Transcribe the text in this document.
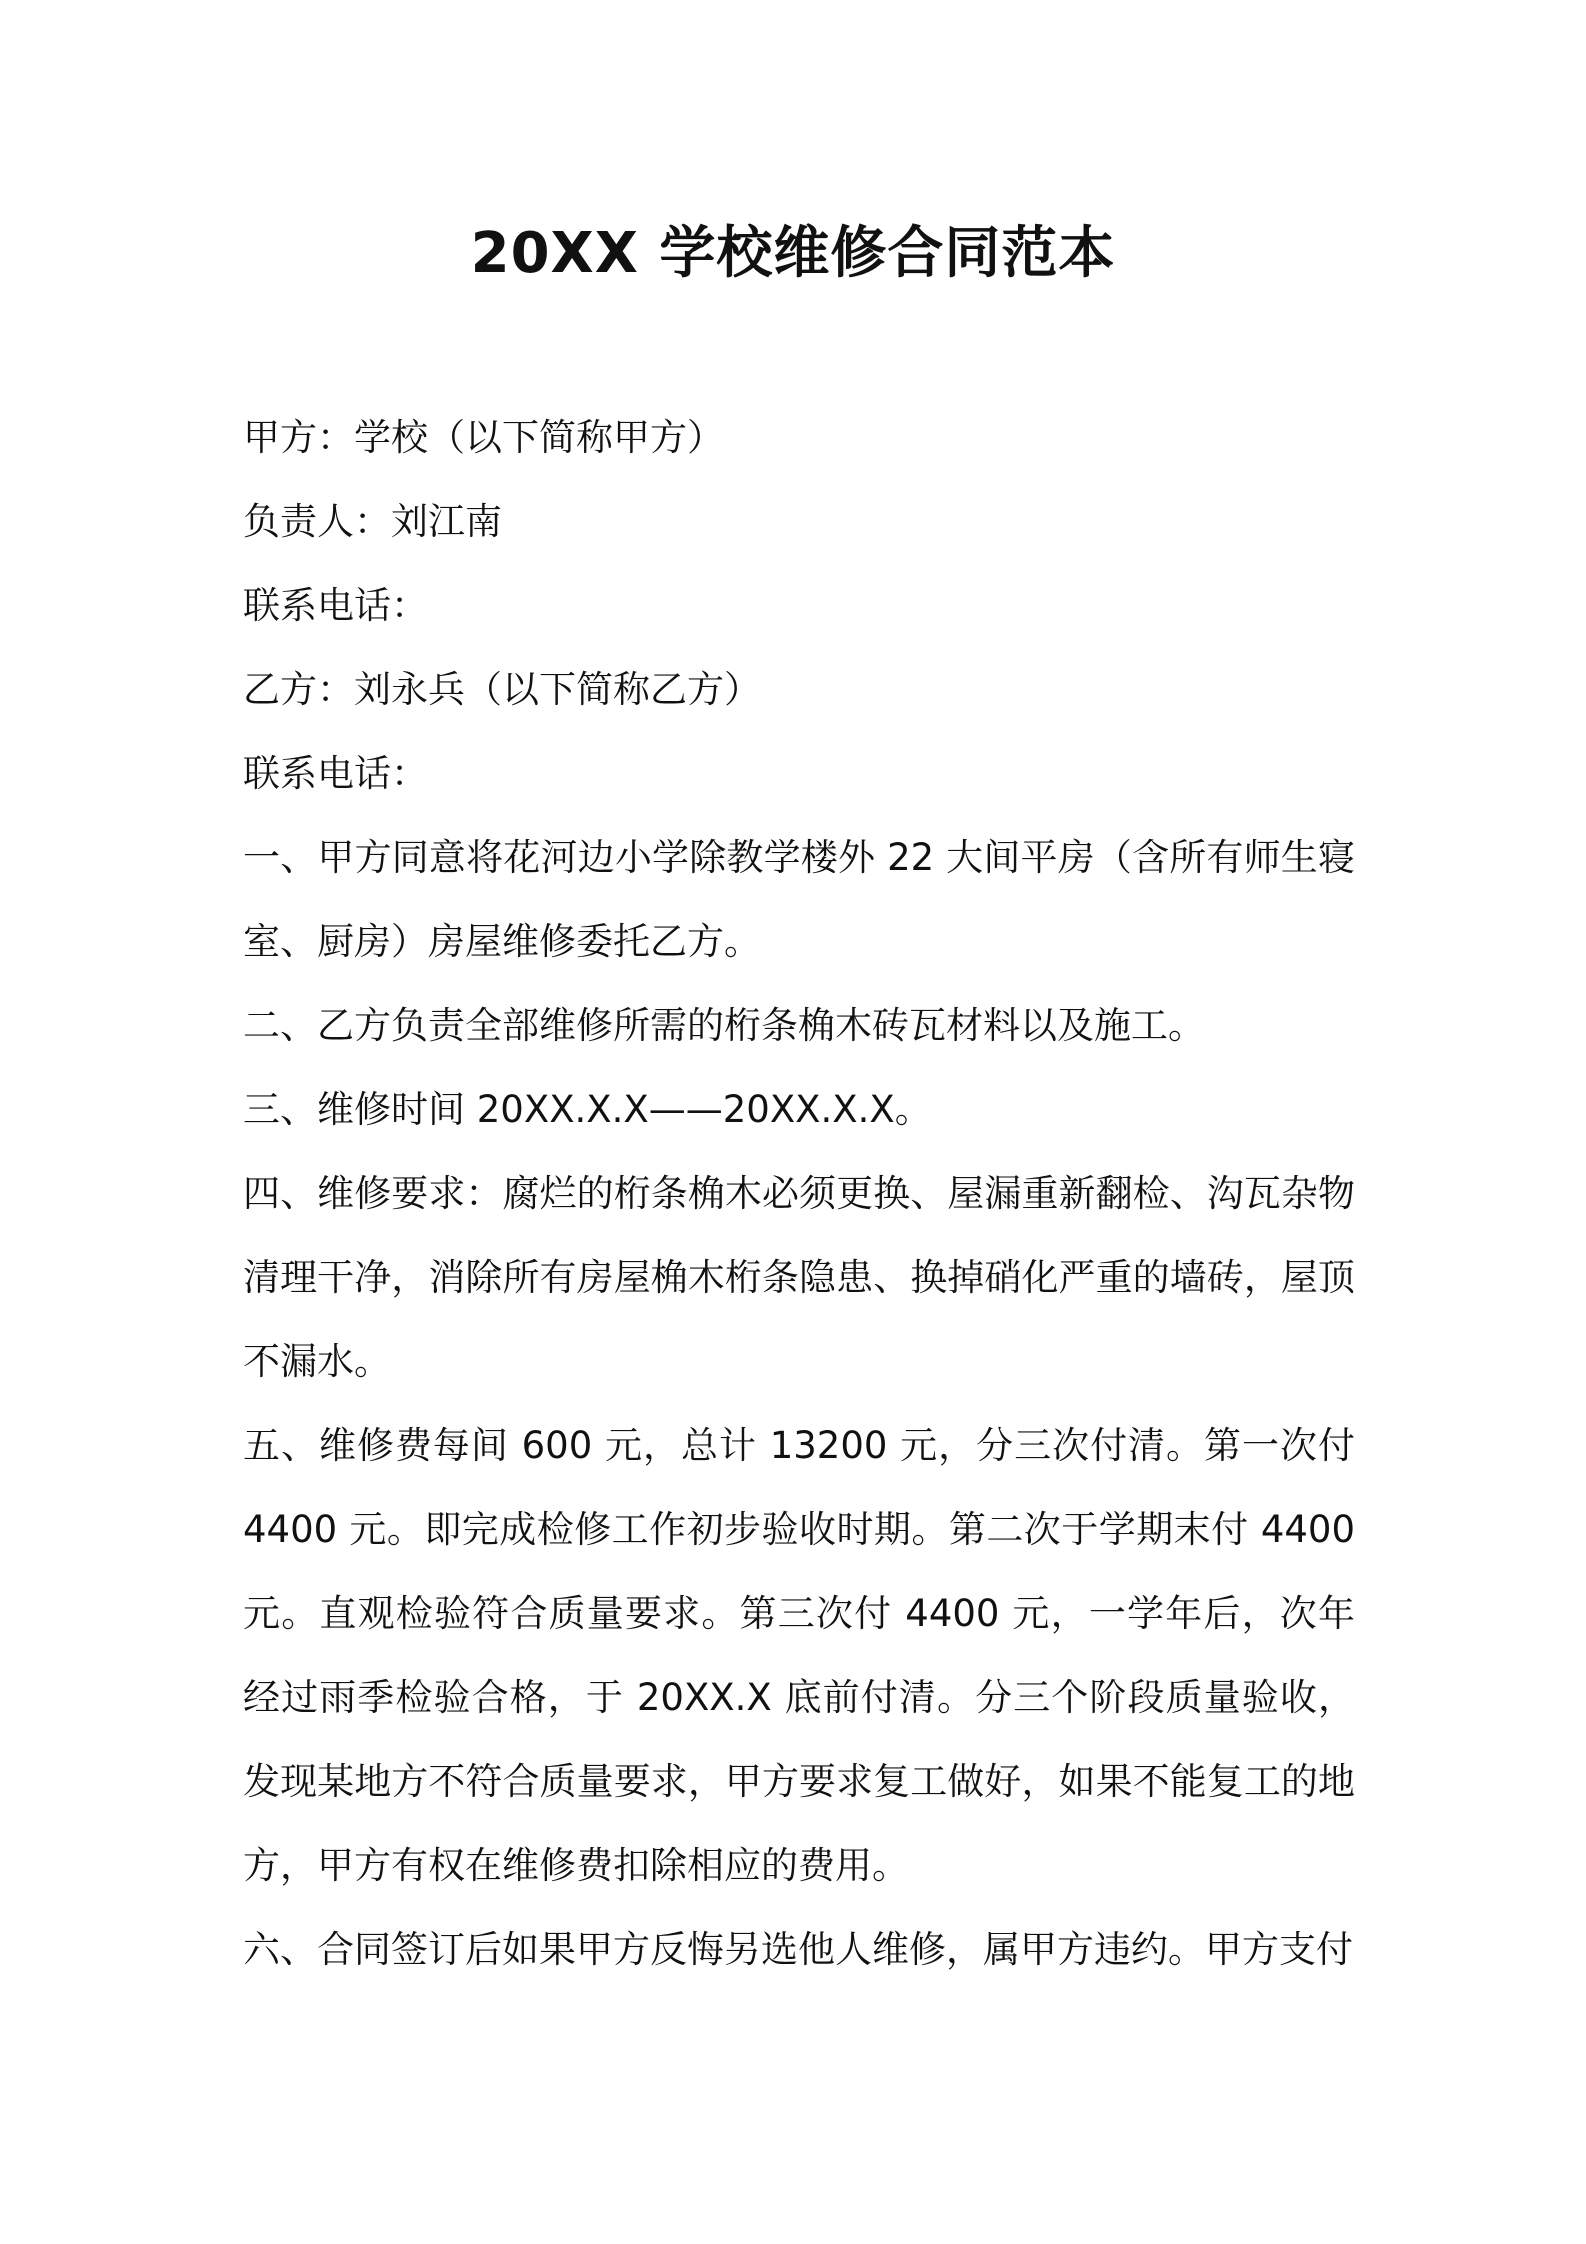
20XX 学校维修合同范本

甲方：学校（以下简称甲方）

负责人：刘江南

联系电话：

乙方：刘永兵（以下简称乙方）

联系电话：

一、甲方同意将花河边小学除教学楼外 22 大间平房（含所有师生寝室、厨房）房屋维修委托乙方。

二、乙方负责全部维修所需的桁条桷木砖瓦材料以及施工。

三、维修时间 20XX.X.X——20XX.X.X。

四、维修要求：腐烂的桁条桷木必须更换、屋漏重新翻检、沟瓦杂物清理干净，消除所有房屋桷木桁条隐患、换掉硝化严重的墙砖，屋顶不漏水。

五、维修费每间 600 元，总计 13200 元，分三次付清。第一次付 4400 元。即完成检修工作初步验收时期。第二次于学期末付 4400 元。直观检验符合质量要求。第三次付 4400 元，一学年后，次年经过雨季检验合格，于 20XX.X 底前付清。分三个阶段质量验收，发现某地方不符合质量要求，甲方要求复工做好，如果不能复工的地方，甲方有权在维修费扣除相应的费用。

六、合同签订后如果甲方反悔另选他人维修，属甲方违约。甲方支付
